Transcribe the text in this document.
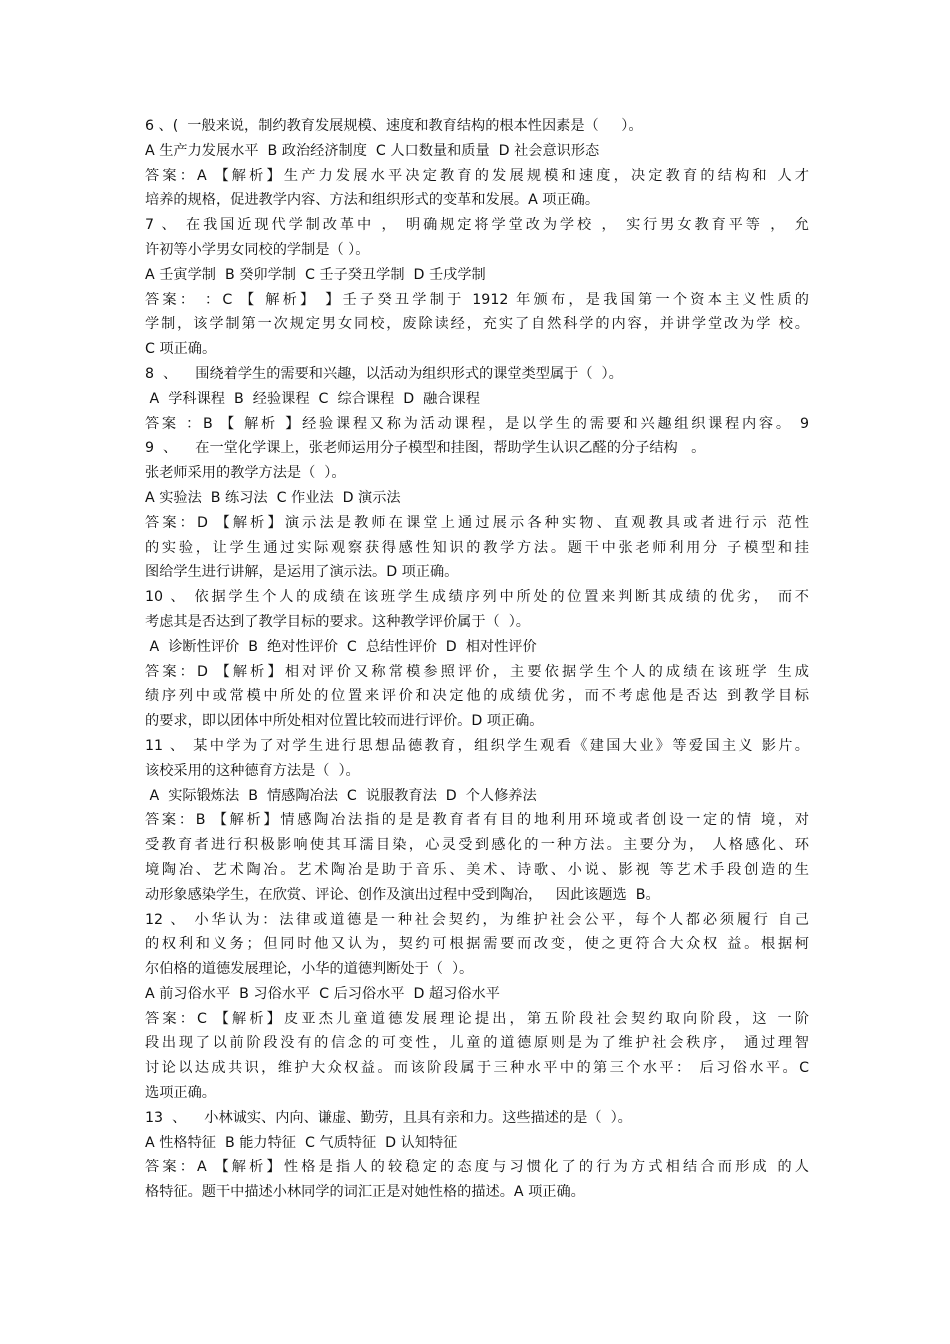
6 、(  一般来说，制约教育发展规模、速度和教育结构的根本性因素是（     ）。
A 生产力发展水平  B 政治经济制度  C 人口数量和质量  D 社会意识形态
答案：A 【解析】生产力发展水平决定教育的发展规模和速度，决定教育的结构和 人才
培养的规格，促进教学内容、方法和组织形式的变革和发展。A 项正确。
7 、 在我国近现代学制改革中 ， 明确规定将学堂改为学校 ， 实行男女教育平等 ， 允
许初等小学男女同校的学制是（ ）。
A 壬寅学制  B 癸卯学制  C 壬子癸丑学制  D 壬戌学制
答案： ：C 【 解析】 】壬子癸丑学制于 1912 年颁布，是我国第一个资本主义性质的
学制，该学制第一次规定男女同校，废除读经，充实了自然科学的内容，并讲学堂改为学 校。
C 项正确。
8  、    围绕着学生的需要和兴趣，以活动为组织形式的课堂类型属于（  ）。
A  学科课程  B  经验课程  C  综合课程  D  融合课程
答案 ：B 【 解析 】经验课程又称为活动课程，是以学生的需要和兴趣组织课程内容。 9
9  、    在一堂化学课上，张老师运用分子模型和挂图，帮助学生认识乙醛的分子结构   。
张老师采用的教学方法是（  ）。
A 实验法  B 练习法  C 作业法  D 演示法
答案：D 【解析】演示法是教师在课堂上通过展示各种实物、直观教具或者进行示 范性
的实验，让学生通过实际观察获得感性知识的教学方法。题干中张老师利用分 子模型和挂
图给学生进行讲解，是运用了演示法。D 项正确。
10 、 依据学生个人的成绩在该班学生成绩序列中所处的位置来判断其成绩的优劣， 而不
考虑其是否达到了教学目标的要求。这种教学评价属于（  ）。
A  诊断性评价  B  绝对性评价  C  总结性评价  D  相对性评价
答案：D 【解析】相对评价又称常模参照评价，主要依据学生个人的成绩在该班学 生成
绩序列中或常模中所处的位置来评价和决定他的成绩优劣，而不考虑他是否达 到教学目标
的要求，即以团体中所处相对位置比较而进行评价。D 项正确。
11 、 某中学为了对学生进行思想品德教育，组织学生观看《建国大业》等爱国主义 影片。
该校采用的这种德育方法是（  ）。
A  实际锻炼法  B  情感陶冶法  C  说服教育法  D  个人修养法
答案：B 【解析】情感陶冶法指的是是教育者有目的地利用环境或者创设一定的情 境，对
受教育者进行积极影响使其耳濡目染，心灵受到感化的一种方法。主要分为， 人格感化、环
境陶冶、艺术陶冶。艺术陶冶是助于音乐、美术、诗歌、小说、影视 等艺术手段创造的生
动形象感染学生，在欣赏、评论、创作及演出过程中受到陶冶，   因此该题选  B。
12 、 小华认为：法律或道德是一种社会契约，为维护社会公平，每个人都必须履行 自己
的权利和义务；但同时他又认为，契约可根据需要而改变，使之更符合大众权 益。根据柯
尔伯格的道德发展理论，小华的道德判断处于（  ）。
A 前习俗水平  B 习俗水平  C 后习俗水平  D 超习俗水平
答案：C 【解析】皮亚杰儿童道德发展理论提出，第五阶段社会契约取向阶段，这 一阶
段出现了以前阶段没有的信念的可变性，儿童的道德原则是为了维护社会秩序， 通过理智
讨论以达成共识，维护大众权益。而该阶段属于三种水平中的第三个水平： 后习俗水平。C
选项正确。
13  、    小林诚实、内向、谦虚、勤劳，且具有亲和力。这些描述的是（  ）。
A 性格特征  B 能力特征  C 气质特征  D 认知特征
答案：A 【解析】性格是指人的较稳定的态度与习惯化了的行为方式相结合而形成 的人
格特征。题干中描述小林同学的词汇正是对她性格的描述。A 项正确。
